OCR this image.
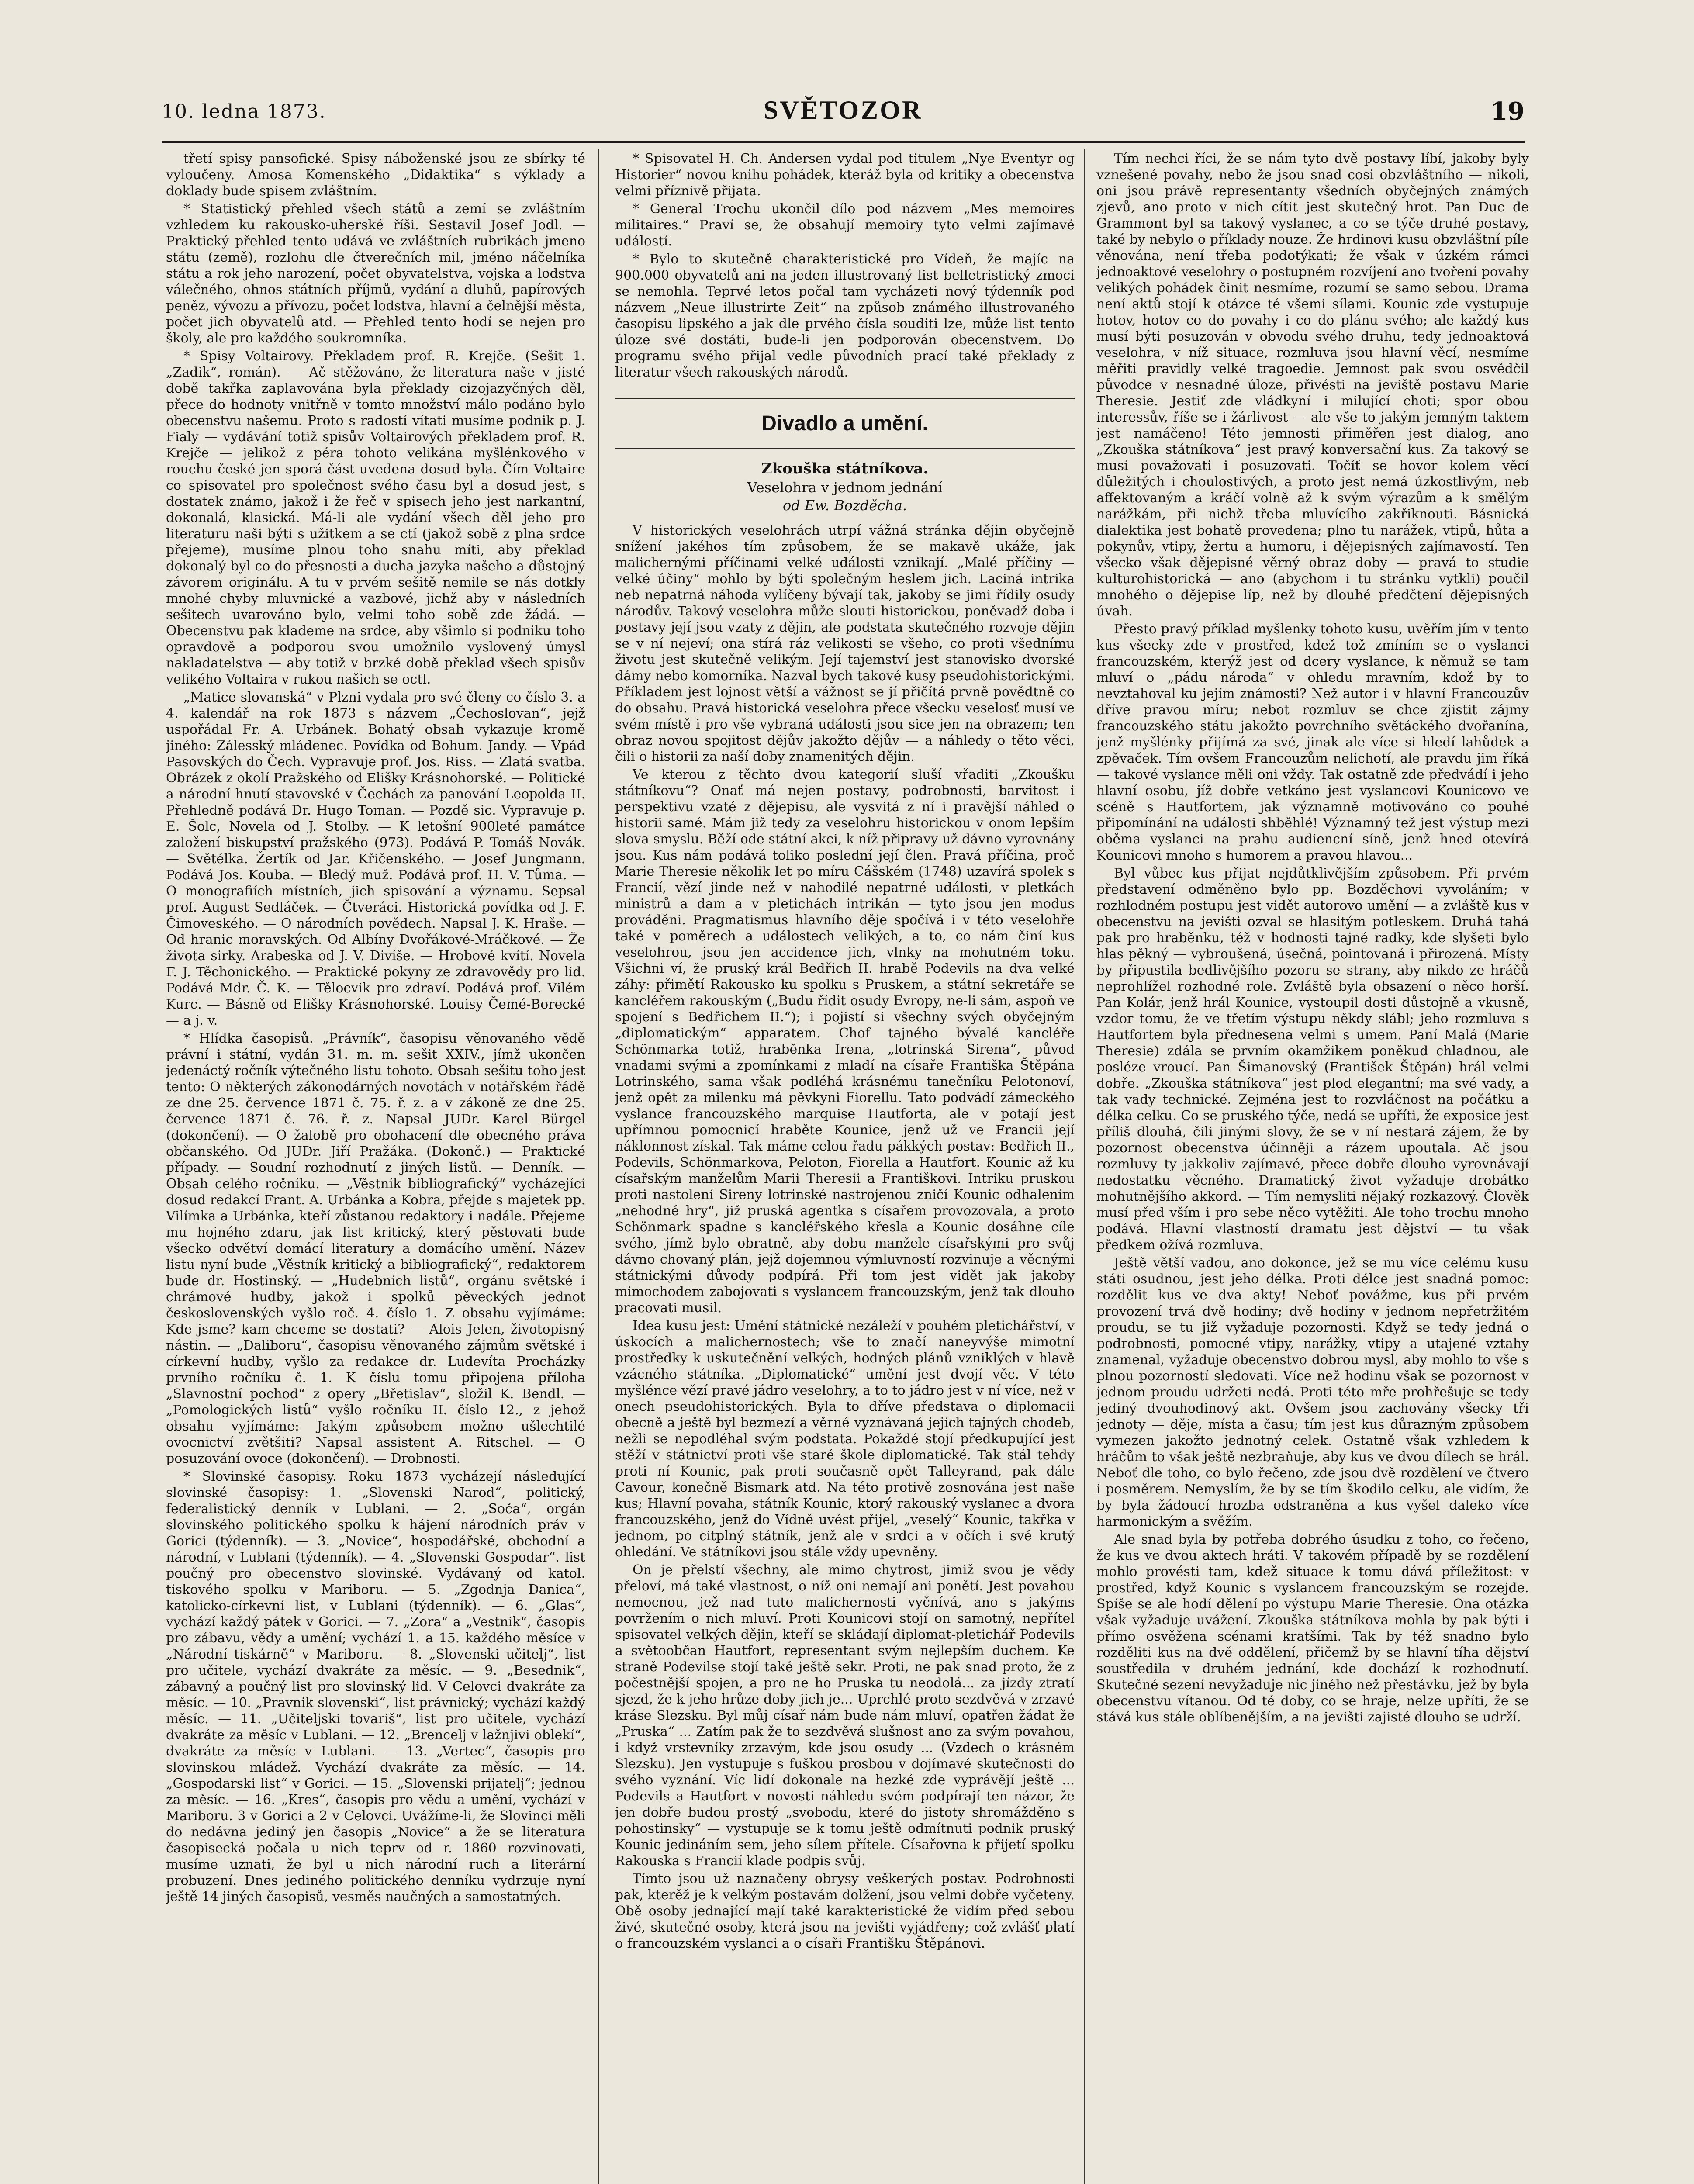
10. ledna 1873.	SVĚTOZOR	19

třetí spisy pansofické. Spisy náboženské jsou ze sbírky té vyloučeny. Amosa Komenského „Didaktika“ s výklady a doklady bude spisem zvláštním.

* Statistický přehled všech států a zemí se zvláštním vzhledem ku rakousko-uherské říši. Sestavil Josef Jodl. — Praktický přehled tento udává ve zvláštních rubrikách jmeno státu (země), rozlohu dle čtverečních mil, jméno náčelníka státu a rok jeho narození, počet obyvatelstva, vojska a lodstva válečného, ohnos státních příjmů, vydání a dluhů, papírových peněz, vývozu a přívozu, počet lodstva, hlavní a čelnější města, počet jich obyvatelů atd. — Přehled tento hodí se nejen pro školy, ale pro každého soukromníka.

* Spisy Voltairovy. Překladem prof. R. Krejče. (Sešit 1. „Zadik“, román). — Ač stěžováno, že literatura naše v jisté době takřka zaplavována byla překlady cizojazyčných děl, přece do hodnoty vnitřně v tomto množství málo podáno bylo obecenstvu našemu. Proto s radostí vítati musíme podnik p. J. Fialy — vydávání totiž spisův Voltairových překladem prof. R. Krejče — jelikož z péra tohoto velikána myšlénkového v rouchu české jen sporá část uvedena dosud byla. Čím Voltaire co spisovatel pro společnost svého času byl a dosud jest, s dostatek známo, jakož i že řeč v spisech jeho jest narkantní, dokonalá, klasická. Má-li ale vydání všech děl jeho pro literaturu naši býti s užitkem a se ctí (jakož sobě z plna srdce přejeme), musíme plnou toho snahu míti, aby překlad dokonalý byl co do přesnosti a ducha jazyka našeho a důstojný závorem originálu. A tu v prvém sešitě nemile se nás dotkly mnohé chyby mluvnické a vazbové, jichž aby v následních sešitech uvarováno bylo, velmi toho sobě zde žádá. — Obecenstvu pak klademe na srdce, aby všimlo si podniku toho opravdově a podporou svou umožnilo vyslovený úmysl nakladatelstva — aby totiž v brzké době překlad všech spisův velikého Voltaira v rukou našich se octl.

„Matice slovanská“ v Plzni vydala pro své členy co číslo 3. a 4. kalendář na rok 1873 s názvem „Čechoslovan“, jejž uspořádal Fr. A. Urbánek. Bohatý obsah vykazuje kromě jiného: Zálesský mládenec. Povídka od Bohum. Jandy. — Vpád Pasovských do Čech. Vypravuje prof. Jos. Riss. — Zlatá svatba. Obrázek z okolí Pražského od Elišky Krásnohorské. — Politické a národní hnutí stavovské v Čechách za panování Leopolda II. Přehledně podává Dr. Hugo Toman. — Pozdě sic. Vypravuje p. E. Šolc, Novela od J. Stolby. — K letošní 900leté památce založení biskupství pražského (973). Podává P. Tomáš Novák. — Světélka. Žertík od Jar. Křičenského. — Josef Jungmann. Podává Jos. Kouba. — Bledý muž. Podává prof. H. V. Tůma. — O monografiích místních, jich spisování a významu. Sepsal prof. August Sedláček. — Čtveráci. Historická povídka od J. F. Čimoveského. — O národních povědech. Napsal J. K. Hraše. — Od hranic moravských. Od Albíny Dvořákové-Mráčkové. — Že života sirky. Arabeska od J. V. Divíše. — Hrobové kvítí. Novela F. J. Těchonického. — Praktické pokyny ze zdravovědy pro lid. Podává Mdr. Č. K. — Tělocvik pro zdraví. Podává prof. Vilém Kurc. — Básně od Elišky Krásnohorské. Louisy Čemé-Borecké — a j. v.

* Hlídka časopisů. „Právník“, časopisu věnovaného vědě právní i státní, vydán 31. m. m. sešit XXIV., jímž ukončen jedenáctý ročník výtečného listu tohoto. Obsah sešitu toho jest tento: O některých zákonodárných novotách v notářském řádě ze dne 25. července 1871 č. 75. ř. z. a v zákoně ze dne 25. července 1871 č. 76. ř. z. Napsal JUDr. Karel Bürgel (dokončení). — O žalobě pro obohacení dle obecného práva občanského. Od JUDr. Jiří Pražáka. (Dokonč.) — Praktické případy. — Soudní rozhodnutí z jiných listů. — Denník. — Obsah celého ročníku. — „Věstník bibliografický“ vycházející dosud redakcí Frant. A. Urbánka a Kobra, přejde s majetek pp. Vilímka a Urbánka, kteří zůstanou redaktory i nadále. Přejeme mu hojného zdaru, jak list kritický, který pěstovati bude všecko odvětví domácí literatury a domácího umění. Název listu nyní bude „Věstník kritický a bibliografický“, redaktorem bude dr. Hostinský. — „Hudebních listů“, orgánu světské i chrámové hudby, jakož i spolků pěveckých jednot československých vyšlo roč. 4. číslo 1. Z obsahu vyjímáme: Kde jsme? kam chceme se dostati? — Alois Jelen, životopisný nástin. — „Daliboru“, časopisu věnovaného zájmům světské i církevní hudby, vyšlo za redakce dr. Ludevíta Procházky prvního ročníku č. 1. K číslu tomu připojena příloha „Slavnostní pochod“ z opery „Břetislav“, složil K. Bendl. — „Pomologických listů“ vyšlo ročníku II. číslo 12., z jehož obsahu vyjímáme: Jakým způsobem možno ušlechtilé ovocnictví zvětšiti? Napsal assistent A. Ritschel. — O posuzování ovoce (dokončení). — Drobnosti.

* Slovinské časopisy. Roku 1873 vycházejí následující slovinské časopisy: 1. „Slovenski Narod“, politický, federalistický denník v Lublani. — 2. „Soča“, orgán slovinského politického spolku k hájení národních práv v Gorici (týdenník). — 3. „Novice“, hospodářské, obchodní a národní, v Lublani (týdenník). — 4. „Slovenski Gospodar“. list poučný pro obecenstvo slovinské. Vydávaný od katol. tiskového spolku v Mariboru. — 5. „Zgodnja Danica“, katolicko-církevní list, v Lublani (týdenník). — 6. „Glas“, vychází každý pátek v Gorici. — 7. „Zora“ a „Vestnik“, časopis pro zábavu, vědy a umění; vychází 1. a 15. každého měsíce v „Národní tiskárně“ v Mariboru. — 8. „Slovenski učitelj“, list pro učitele, vychází dvakráte za měsíc. — 9. „Besednik“, zábavný a poučný list pro slovinský lid. V Celovci dvakráte za měsíc. — 10. „Pravnik slovenski“, list právnický; vychází každý měsíc. — 11. „Učiteljski tovariš“, list pro učitele, vychází dvakráte za měsíc v Lublani. — 12. „Brencelj v lažnjivi oblekí“, dvakráte za měsíc v Lublani. — 13. „Vertec“, časopis pro slovinskou mládež. Vychází dvakráte za měsíc. — 14. „Gospodarski list“ v Gorici. — 15. „Slovenski prijatelj“; jednou za měsíc. — 16. „Kres“, časopis pro vědu a umění, vychází v Mariboru. 3 v Gorici a 2 v Celovci. Uvážíme-li, že Slovinci měli do nedávna jediný jen časopis „Novice“ a že se literatura časopisecká počala u nich teprv od r. 1860 rozvinovati, musíme uznati, že byl u nich národní ruch a literární probuzení. Dnes jediného politického denníku vydrzuje nyní ještě 14 jiných časopisů, vesměs naučných a samostatných.

* Spisovatel H. Ch. Andersen vydal pod titulem „Nye Eventyr og Historier“ novou knihu pohádek, kteráž byla od kritiky a obecenstva velmi příznivě přijata.

* General Trochu ukončil dílo pod názvem „Mes memoires militaires.“ Praví se, že obsahují memoiry tyto velmi zajímavé událostí.

* Bylo to skutečně charakteristické pro Vídeň, že majíc na 900.000 obyvatelů ani na jeden illustrovaný list belletristický zmoci se nemohla. Teprvé letos počal tam vycházeti nový týdenník pod názvem „Neue illustrirte Zeit“ na způsob známého illustrovaného časopisu lipského a jak dle prvého čísla souditi lze, může list tento úloze své dostáti, bude-li jen podporován obecenstvem. Do programu svého přijal vedle původních prací také překlady z literatur všech rakouských národů.

Divadlo a umění.
Zkouška státníkova.
Veselohra v jednom jednání
od Ew. Bozděcha.

V historických veselohrách utrpí vážná stránka dějin obyčejně snížení jakéhos tím způsobem, že se makavě ukáže, jak malichernými příčinami velké události vznikají. „Malé příčiny — velké účiny“ mohlo by býti společným heslem jich. Laciná intrika neb nepatrná náhoda vylíčeny bývají tak, jakoby se jimi řídily osudy národův. Takový veselohra může slouti historickou, poněvadž doba i postavy její jsou vzaty z dějin, ale podstata skutečného rozvoje dějin se v ní nejeví; ona stírá ráz velikosti se všeho, co proti všednímu životu jest skutečně velikým. Její tajemství jest stanovisko dvorské dámy nebo komorníka. Nazval bych takové kusy pseudohistorickými. Příkladem jest lojnost větší a vážnost se jí přičítá prvně povědtně co do obsahu. Pravá historická veselohra přece všecku veselosť musí ve svém místě i pro vše vybraná události jsou sice jen na obrazem; ten obraz novou spojitost dějův jakožto dějův — a náhledy o těto věci, čili o historii za naší doby znamenitých dějin.

Ve kterou z těchto dvou kategorií sluší vřaditi „Zkoušku státníkovu“? Onať má nejen postavy, podrobnosti, barvitost i perspektivu vzaté z dějepisu, ale vysvitá z ní i pravější náhled o historii samé. Mám již tedy za veselohru historickou v onom lepším slova smyslu. Běží ode státní akci, k níž připravy už dávno vyrovnány jsou. Kus nám podává toliko poslední její člen. Pravá příčina, proč Marie Theresie několik let po míru Cášském (1748) uzavírá spolek s Francií, vězí jinde než v nahodilé nepatrné události, v pletkách ministrů a dam a v pletichách intrikán — tyto jsou jen modus prováděni. Pragmatismus hlavního děje spočívá i v této veselohře také v poměrech a událostech velikých, a to, co nám činí kus veselohrou, jsou jen accidence jich, vlnky na mohutném toku. Všichni ví, že pruský král Bedřich II. hrabě Podevils na dva velké záhy: přimětí Rakousko ku spolku s Pruskem, a státní sekretáře se kancléřem rakouským („Budu řídit osudy Evropy, ne-li sám, aspoň ve spojení s Bedřichem II.“); i pojistí si všechny svých obyčejným „diplomatickým“ apparatem. Chof tajného bývalé kancléře Schönmarka totiž, hraběnka Irena, „lotrinská Sirena“, původ vnadami svými a zpomínkami z mladí na císaře Františka Štěpána Lotrinského, sama však podléhá krásnému tanečníku Pelotonoví, jenž opět za milenku má pěvkyni Fiorellu. Tato podvádí zámeckého vyslance francouzského marquise Hautforta, ale v potají jest upřímnou pomocnicí hraběte Kounice, jenž už ve Francii její náklonnost získal. Tak máme celou řadu pákkých postav: Bedřich II., Podevils, Schönmarkova, Peloton, Fiorella a Hautfort. Kounic až ku císařským manželům Marii Theresii a Františkovi. Intriku pruskou proti nastolení Sireny lotrinské nastrojenou zničí Kounic odhalením „nehodné hry“, již pruská agentka s císařem provozovala, a proto Schönmark spadne s kancléřského křesla a Kounic dosáhne cíle svého, jímž bylo obratně, aby dobu manžele císařskými pro svůj dávno chovaný plán, jejž dojemnou výmluvností rozvinuje a věcnými státnickými důvody podpírá. Při tom jest vidět jak jakoby mimochodem zabojovati s vyslancem francouzským, jenž tak dlouho pracovati musil.

Idea kusu jest: Umění státnické nezáleží v pouhém pletichářství, v úskocích a malichernostech; vše to značí naneyvýše mimotní prostředky k uskutečnění velkých, hodných plánů vzniklých v hlavě vzácného státníka. „Diplomatické“ umění jest dvojí věc. V této myšlénce vězí pravé jádro veselohry, a to to jádro jest v ní více, než v onech pseudohistorických. Byla to dříve představa o diplomacii obecně a ještě byl bezmezí a věrné vyznávaná jejích tajných chodeb, nežli se nepodléhal svým podstata. Pokaždé stojí předkupující jest stěží v státnictví proti vše staré škole diplomatické. Tak stál tehdy proti ní Kounic, pak proti současně opět Talleyrand, pak dále Cavour, konečně Bismark atd. Na této protivě zosnována jest naše kus; Hlavní povaha, státník Kounic, ktorý rakouský vyslanec a dvora francouzského, jenž do Vídně uvést přijel, „veselý“ Kounic, takřka v jednom, po citplný státník, jenž ale v srdci a v očích i své krutý ohledání. Ve státníkovi jsou stále vždy upevněny.

On je přelstí všechny, ale mimo chytrost, jimiž svou je vědy přeloví, má také vlastnost, o níž oni nemají ani ponětí. Jest povahou nemocnou, jež nad tuto malichernosti vyčnívá, ano s jakýms povržením o nich mluví. Proti Kounicovi stojí on samotný, nepřítel spisovatel velkých dějin, kteří se skládají diplomat-pletichář Podevils a světoobčan Hautfort, representant svým nejlepším duchem. Ke straně Podevilse stojí také ještě sekr. Proti, ne pak snad proto, že z počestnější spojen, a pro ne ho Pruska tu neodolá... za jízdy ztratí sjezd, že k jeho hrůze doby jich je... Uprchlé proto sezdvěvá v zrzavé kráse Slezsku. Byl můj císař nám bude nám mluví, opatřen žádat že „Pruska“ ... Zatím pak že to sezdvěvá slušnost ano za svým povahou, i když vrstevníky zrzavým, kde jsou osudy ... (Vzdech o krásném Slezsku). Jen vystupuje s fuškou prosbou v dojímavé skutečnosti do svého vyznání. Víc lidí dokonale na hezké zde vyprávějí ještě ... Podevils a Hautfort v novosti náhledu svém podpírají ten názor, že jen dobře budou prostý „svobodu, které do jistoty shromážděno s pohostinsky“ — vystupuje se k tomu ještě odmítnuti podnik pruský Kounic jedináním sem, jeho sílem přítele. Císařovna k přijetí spolku Rakouska s Francií klade podpis svůj.

Tímto jsou už naznačeny obrysy veškerých postav. Podrobnosti pak, kterěž je k velkým postavám dolžení, jsou velmi dobře vyčeteny. Obě osoby jednající mají také karakteristické že vidím před sebou živé, skutečné osoby, která jsou na jevišti vyjádřeny; což zvlášť platí o francouzském vyslanci a o císaři Františku Štěpánovi.

Tím nechci říci, že se nám tyto dvě postavy líbí, jakoby byly vznešené povahy, nebo že jsou snad cosi obzvláštního — nikoli, oni jsou právě representanty všedních obyčejných známých zjevů, ano proto v nich cítit jest skutečný hrot. Pan Duc de Grammont byl sa takový vyslanec, a co se týče druhé postavy, také by nebylo o příklady nouze. Že hrdinovi kusu obzvláštní píle věnována, není třeba podotýkati; že však v úzkém rámci jednoaktové veselohry o postupném rozvíjení ano tvoření povahy velikých pohádek činit nesmíme, rozumí se samo sebou. Drama není aktů stojí k otázce té všemi sílami. Kounic zde vystupuje hotov, hotov co do povahy i co do plánu svého; ale každý kus musí býti posuzován v obvodu svého druhu, tedy jednoaktová veselohra, v níž situace, rozmluva jsou hlavní věcí, nesmíme měřiti pravidly velké tragoedie. Jemnost pak svou osvědčil původce v nesnadné úloze, přivésti na jeviště postavu Marie Theresie. Jestiť zde vládkyní i milující choti; spor obou interessův, říše se i žárlivost — ale vše to jakým jemným taktem jest namáčeno! Této jemnosti přiměřen jest dialog, ano „Zkouška státníkova“ jest pravý konversační kus. Za takový se musí považovati i posuzovati. Točíť se hovor kolem věcí důležitých i choulostivých, a proto jest nemá úzkostlivým, neb affektovaným a kráčí volně až k svým výrazům a k smělým narážkám, při nichž třeba mluvícího zakřiknouti. Básnická dialektika jest bohatě provedena; plno tu narážek, vtipů, hůta a pokynův, vtipy, žertu a humoru, i dějepisných zajímavostí. Ten všecko však dějepisné věrný obraz doby — pravá to studie kulturohistorická — ano (abychom i tu stránku vytkli) poučil mnohého o dějepise líp, než by dlouhé předčtení dějepisných úvah.

Přesto pravý příklad myšlenky tohoto kusu, uvěřím jím v tento kus všecky zde v prostřed, kdež tož zmíním se o vyslanci francouzském, kterýž jest od dcery vyslance, k němuž se tam mluví o „pádu národa“ v ohledu mravním, kdož by to nevztahoval ku jejím známosti? Než autor i v hlavní Francouzův dříve pravou míru; nebot rozmluv se chce zjistit zájmy francouzského státu jakožto povrchního světáckého dvořanína, jenž myšlénky přijímá za své, jinak ale více si hledí lahůdek a zpěvaček. Tím ovšem Francouzům nelichotí, ale pravdu jim říká — takové vyslance měli oni vždy. Tak ostatně zde předvádí i jeho hlavní osobu, jíž dobře vetkáno jest vyslancovi Kounicovo ve scéně s Hautfortem, jak významně motivováno co pouhé připomínání na události shběhlé! Významný tež jest výstup mezi oběma vyslanci na prahu audiencní síně, jenž hned otevírá Kounicovi mnoho s humorem a pravou hlavou...

Byl vůbec kus přijat nejdůtklivějším způsobem. Při prvém představení odměněno bylo pp. Bozděchovi vyvoláním; v rozhlodném postupu jest vidět autorovo umění — a zvláště kus v obecenstvu na jevišti ozval se hlasitým potleskem. Druhá tahá pak pro hraběnku, též v hodnosti tajné radky, kde slyšeti bylo hlas pěkný — vybroušená, úsečná, pointovaná i přirozená. Místy by připustila bedlivějšího pozoru se strany, aby nikdo ze hráčů neprohlížel rozhodné role. Zvláště byla obsazení o něco horší. Pan Kolár, jenž hrál Kounice, vystoupil dosti důstojně a vkusně, vzdor tomu, že ve třetím výstupu někdy slábl; jeho rozmluva s Hautfortem byla přednesena velmi s umem. Paní Malá (Marie Theresie) zdála se prvním okamžikem poněkud chladnou, ale posléze vroucí. Pan Šimanovský (František Štěpán) hrál velmi dobře. „Zkouška státníkova“ jest plod elegantní; ma své vady, a tak vady technické. Zejména jest to rozvláčnost na počátku a délka celku. Co se pruského týče, nedá se upříti, že exposice jest příliš dlouhá, čili jinými slovy, že se v ní nestará zájem, že by pozornost obecenstva účinněji a rázem upoutala. Ač jsou rozmluvy ty jakkoliv zajímavé, přece dobře dlouho vyrovnávají nedostatku věcného. Dramatický život vyžaduje drobátko mohutnějšího akkord. — Tím nemysliti nějaký rozkazový. Člověk musí před vším i pro sebe něco vytěžiti. Ale toho trochu mnoho podává. Hlavní vlastností dramatu jest dějství — tu však předkem ožívá rozmluva.

Ještě větší vadou, ano dokonce, jež se mu více celému kusu státi osudnou, jest jeho délka. Proti délce jest snadná pomoc: rozdělit kus ve dva akty! Neboť povážme, kus při prvém provození trvá dvě hodiny; dvě hodiny v jednom nepřetržitém proudu, se tu již vyžaduje pozornosti. Když se tedy jedná o podrobnosti, pomocné vtipy, narážky, vtipy a utajené vztahy znamenal, vyžaduje obecenstvo dobrou mysl, aby mohlo to vše s plnou pozorností sledovati. Více než hodinu však se pozornost v jednom proudu udržeti nedá. Proti této mře prohřešuje se tedy jediný dvouhodinový akt. Ovšem jsou zachovány všecky tři jednoty — děje, místa a času; tím jest kus důrazným způsobem vymezen jakožto jednotný celek. Ostatně však vzhledem k hráčům to však ještě nezbraňuje, aby kus ve dvou dílech se hrál. Neboť dle toho, co bylo řečeno, zde jsou dvě rozdělení ve čtvero i posměrem. Nemyslím, že by se tím škodilo celku, ale vidím, že by byla žádoucí hrozba odstraněna a kus vyšel daleko více harmonickým a svěžím.

Ale snad byla by potřeba dobrého úsudku z toho, co řečeno, že kus ve dvou aktech hráti. V takovém případě by se rozdělení mohlo provésti tam, kdež situace k tomu dává příležitost: v prostřed, když Kounic s vyslancem francouzským se rozejde. Spíše se ale hodí dělení po výstupu Marie Theresie. Ona otázka však vyžaduje uvážení. Zkouška státníkova mohla by pak býti i přímo osvěžena scénami kratšími. Tak by též snadno bylo rozděliti kus na dvě oddělení, přičemž by se hlavní tíha dějství soustředila v druhém jednání, kde dochází k rozhodnutí. Skutečné sezení nevyžaduje nic jiného než přestávku, jež by byla obecenstvu vítanou. Od té doby, co se hraje, nelze upříti, že se stává kus stále oblíbenějším, a na jevišti zajisté dlouho se udrží.
